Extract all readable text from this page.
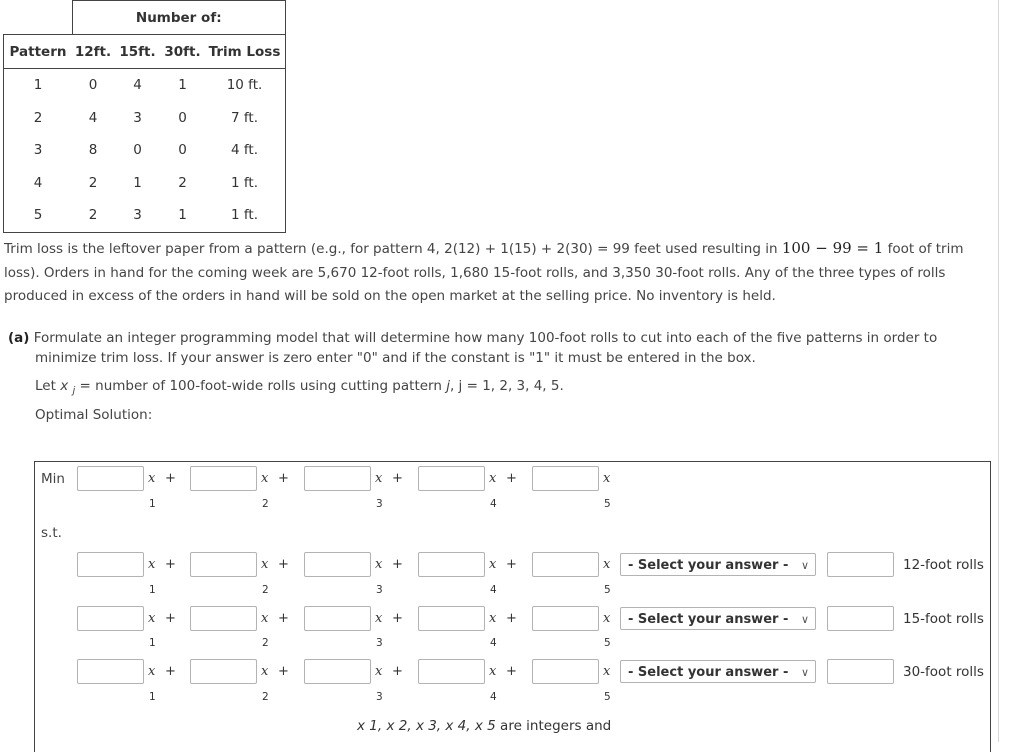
	Number of:			
Pattern	12ft.	15ft.	30ft.	Trim Loss
1	0	4	1	10 ft.
2	4	3	0	7 ft.
3	8	0	0	4 ft.
4	2	1	2	1 ft.
5	2	3	1	1 ft.
Trim loss is the leftover paper from a pattern (e.g., for pattern 4, 2(12) + 1(15) + 2(30) = 99 feet used resulting in 100 − 99 = 1 foot of trim loss). Orders in hand for the coming week are 5,670 12-foot rolls, 1,680 15-foot rolls, and 3,350 30-foot rolls. Any of the three types of rolls produced in excess of the orders in hand will be sold on the open market at the selling price. No inventory is held.
(a) Formulate an integer programming model that will determine how many 100-foot rolls to cut into each of the five patterns in order to
minimize trim loss. If your answer is zero enter "0" and if the constant is "1" it must be entered in the box.
Let x $_j$ = number of 100-foot-wide rolls using cutting pattern j, j = 1, 2, 3, 4, 5.
Optimal Solution:
Min
s.t.
x +
1
x +
2
x +
3
x +
4
x
5
x +
1
x +
2
x +
3
x +
4
x
5
- Select your answer - ∨	12-foot rolls
x +
1
x +
2
x +
3
x +
4
x
5
- Select your answer - ∨	15-foot rolls
x +
1
x +
2
x +
3
x +
4
x
5
- Select your answer - ∨	30-foot rolls
x 1, x 2, x 3, x 4, x 5 are integers and
